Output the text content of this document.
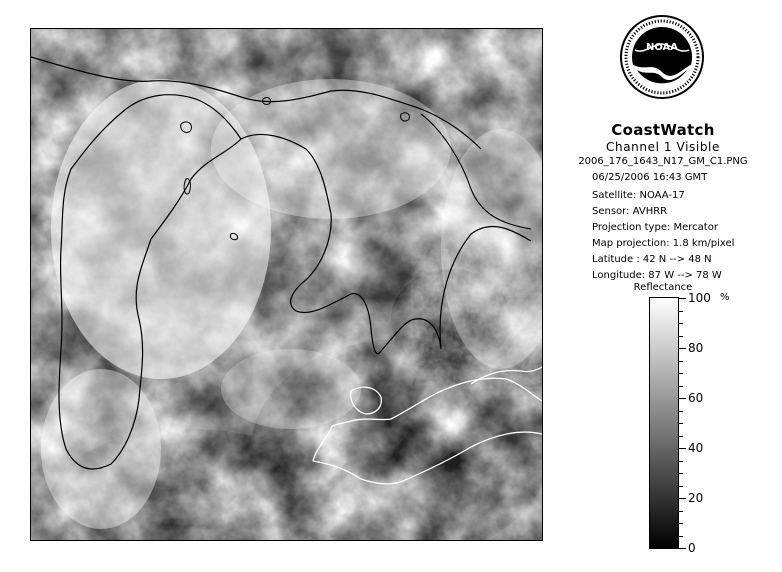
NOAA
CoastWatch
Channel 1 Visible
2006_176_1643_N17_GM_C1.PNG
06/25/2006 16:43 GMT
Satellite: NOAA-17
Sensor: AVHRR
Projection type: Mercator
Map projection: 1.8 km/pixel
Latitude : 42 N --> 48 N
Longitude: 87 W --> 78 W
Reflectance
%
100
80
60
40
20
0
